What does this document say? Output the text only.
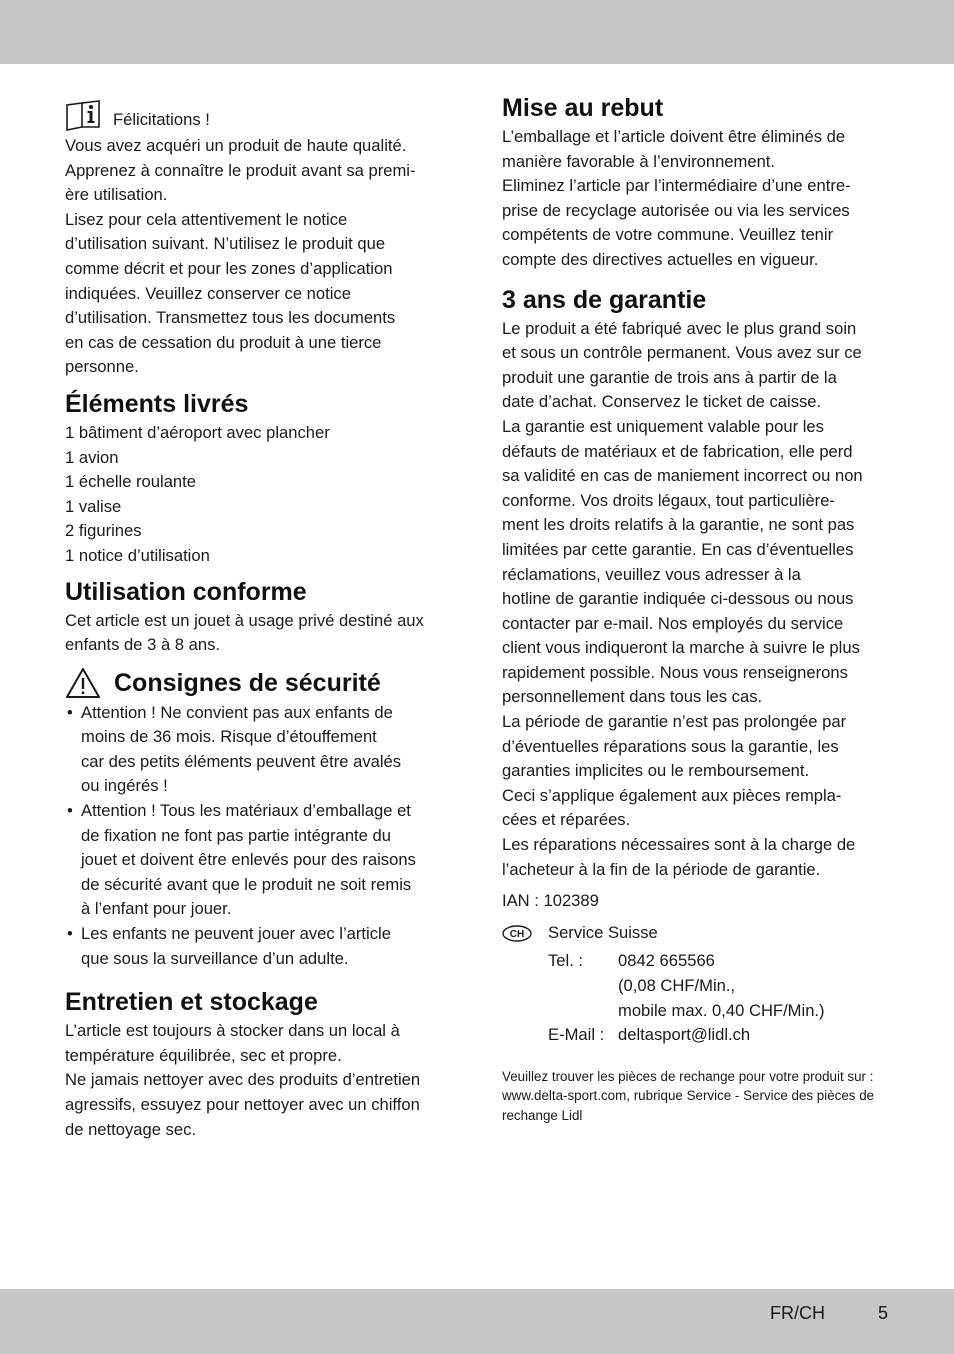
Félicitations !

Vous avez acquéri un produit de haute qualité.
Apprenez à connaître le produit avant sa premi-
ère utilisation.
Lisez pour cela attentivement le notice
d’utilisation suivant. N’utilisez le produit que
comme décrit et pour les zones d’application
indiquées. Veuillez conserver ce notice
d’utilisation. Transmettez tous les documents
en cas de cessation du produit à une tierce
personne.

Éléments livrés

1 bâtiment d’aéroport avec plancher
1 avion
1 échelle roulante
1 valise
2 figurines
1 notice d’utilisation

Utilisation conforme

Cet article est un jouet à usage privé destiné aux
enfants de 3 à 8 ans.

Consignes de sécurité
• Attention ! Ne convient pas aux enfants de
moins de 36 mois. Risque d’étouffement
car des petits éléments peuvent être avalés
ou ingérés !
• Attention ! Tous les matériaux d’emballage et
de fixation ne font pas partie intégrante du
jouet et doivent être enlevés pour des raisons
de sécurité avant que le produit ne soit remis
à l’enfant pour jouer.
• Les enfants ne peuvent jouer avec l’article
que sous la surveillance d’un adulte.
Entretien et stockage

L’article est toujours à stocker dans un local à
température équilibrée, sec et propre.
Ne jamais nettoyer avec des produits d’entretien
agressifs, essuyez pour nettoyer avec un chiffon
de nettoyage sec.

Mise au rebut

L’emballage et l’article doivent être éliminés de
manière favorable à l’environnement.
Eliminez l’article par l’intermédiaire d’une entre-
prise de recyclage autorisée ou via les services
compétents de votre commune. Veuillez tenir
compte des directives actuelles en vigueur.

3 ans de garantie

Le produit a été fabriqué avec le plus grand soin
et sous un contrôle permanent. Vous avez sur ce
produit une garantie de trois ans à partir de la
date d’achat. Conservez le ticket de caisse.
La garantie est uniquement valable pour les
défauts de matériaux et de fabrication, elle perd
sa validité en cas de maniement incorrect ou non
conforme. Vos droits légaux, tout particulière-
ment les droits relatifs à la garantie, ne sont pas
limitées par cette garantie. En cas d’éventuelles
réclamations, veuillez vous adresser à la
hotline de garantie indiquée ci-dessous ou nous
contacter par e-mail. Nos employés du service
client vous indiqueront la marche à suivre le plus
rapidement possible. Nous vous renseignerons
personnellement dans tous les cas.
La période de garantie n’est pas prolongée par
d’éventuelles réparations sous la garantie, les
garanties implicites ou le remboursement.
Ceci s’applique également aux pièces rempla-
cées et réparées.
Les réparations nécessaires sont à la charge de
l’acheteur à la fin de la période de garantie.

IAN : 102389

CH Service Suisse
Tel. :	0842 665566
(0,08 CHF/Min.,
mobile max. 0,40 CHF/Min.)
E-Mail : deltasport@lidl.ch

Veuillez trouver les pièces de rechange pour votre produit sur :
www.delta-sport.com, rubrique Service - Service des pièces de
rechange Lidl

FR/CH	5
